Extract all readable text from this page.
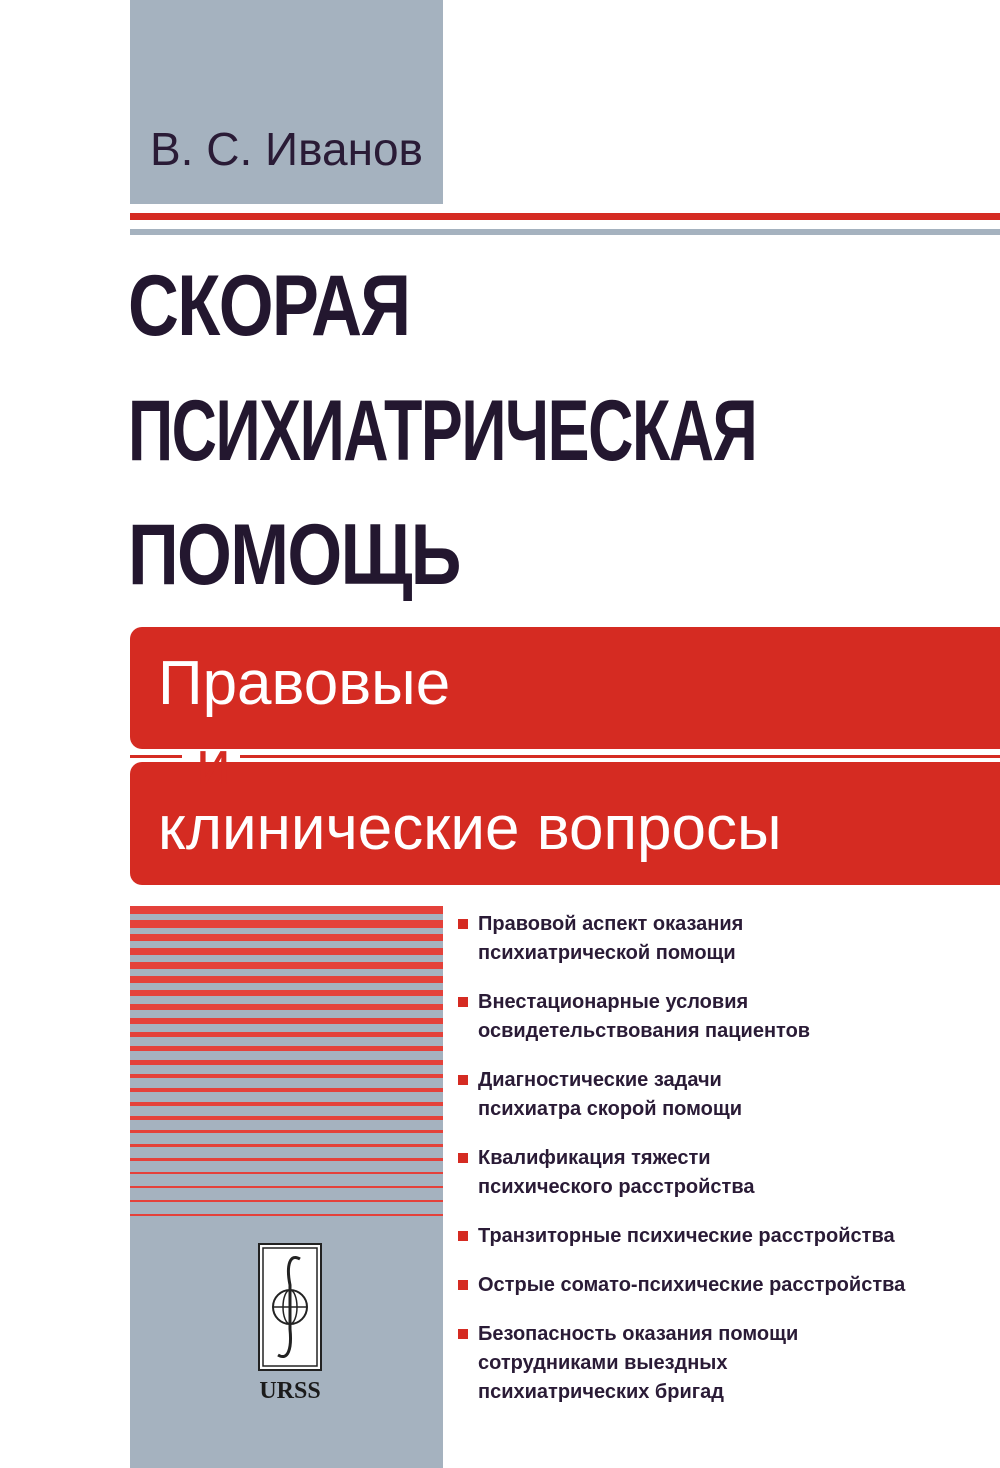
В. С. Иванов
СКОРАЯ
ПСИХИАТРИЧЕСКАЯ
ПОМОЩЬ
Правовые
и
клинические вопросы
URSS
Правовой аспект оказания
психиатрической помощи
Внестационарные условия
освидетельствования пациентов
Диагностические задачи
психиатра скорой помощи
Квалификация тяжести
психического расстройства
Транзиторные психические расстройства
Острые сомато-психические расстройства
Безопасность оказания помощи
сотрудниками выездных
психиатрических бригад
